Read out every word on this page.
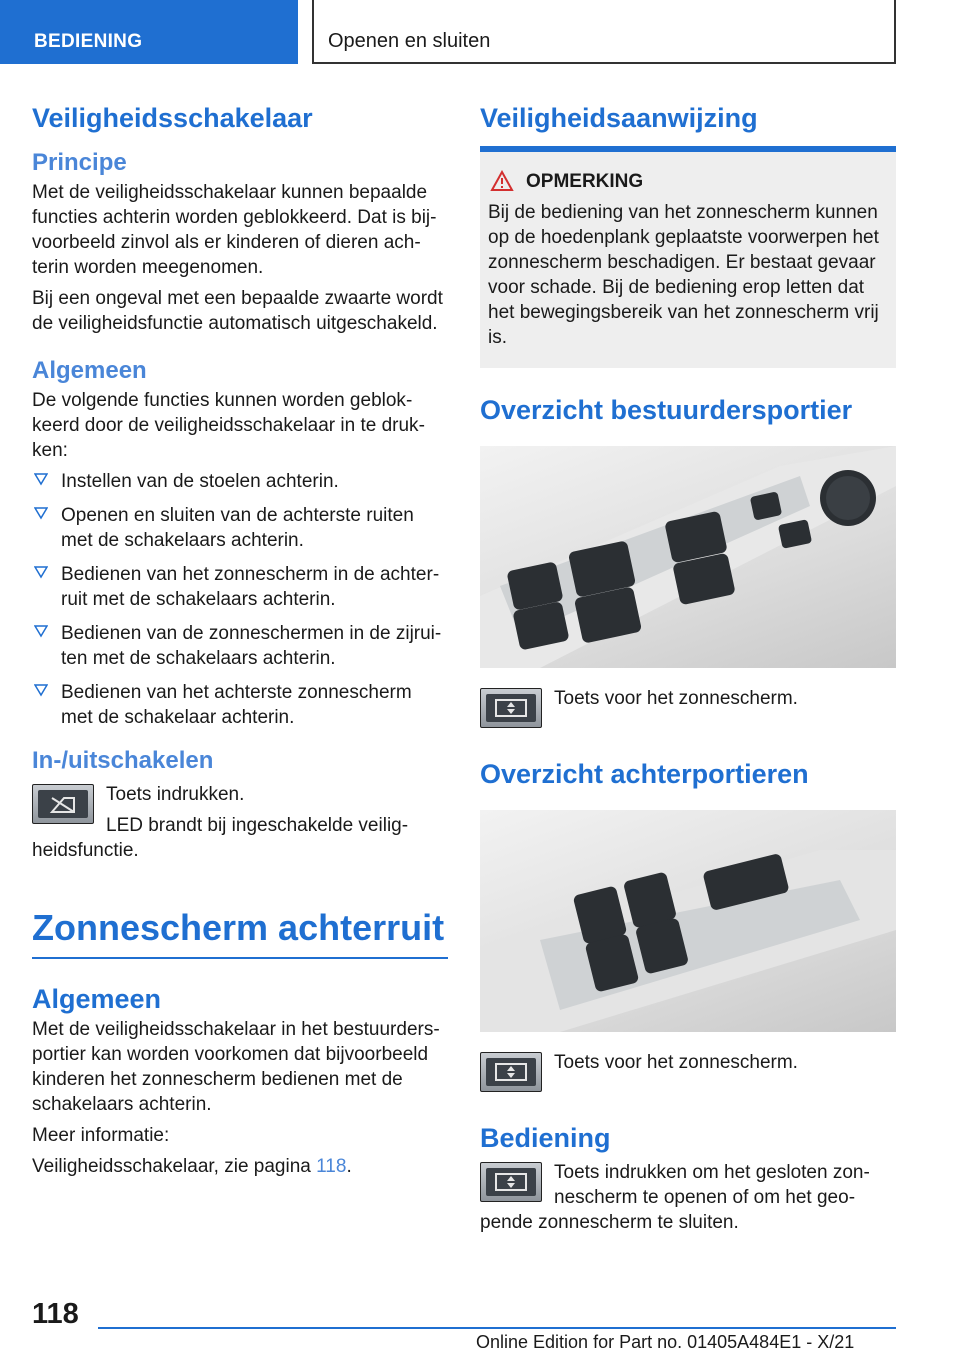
BEDIENING	Openen en sluiten
Veiligheidsschakelaar
Principe

Met de veiligheidsschakelaar kunnen bepaalde functies achterin worden geblokkeerd. Dat is bijvoorbeeld zinvol als er kinderen of dieren achterin worden meegenomen.

Bij een ongeval met een bepaalde zwaarte wordt de veiligheidsfunctie automatisch uitgeschakeld.

Algemeen

De volgende functies kunnen worden geblokkeerd door de veiligheidsschakelaar in te drukken:

Instellen van de stoelen achterin.
Openen en sluiten van de achterste ruiten met de schakelaars achterin.
Bedienen van het zonnescherm in de achterruit met de schakelaars achterin.
Bedienen van de zonneschermen in de zijruiten met de schakelaars achterin.
Bedienen van het achterste zonnescherm met de schakelaar achterin.
In-/uitschakelen

Toets indrukken.

LED brandt bij ingeschakelde veiligheidsfunctie.

Zonnescherm achterruit
Algemeen

Met de veiligheidsschakelaar in het bestuurdersportier kan worden voorkomen dat bijvoorbeeld kinderen het zonnescherm bedienen met de schakelaars achterin.

Meer informatie:

Veiligheidsschakelaar, zie pagina 118.

Veiligheidsaanwijzing
OPMERKING

Bij de bediening van het zonnescherm kunnen op de hoedenplank geplaatste voorwerpen het zonnescherm beschadigen. Er bestaat gevaar voor schade. Bij de bediening erop letten dat het bewegingsbereik van het zonnescherm vrij is.

Overzicht bestuurdersportier

Toets voor het zonnescherm.

Overzicht achterportieren

Toets voor het zonnescherm.

Bediening

Toets indrukken om het gesloten zonnescherm te openen of om het geopende zonnescherm te sluiten.

118
Online Edition for Part no. 01405A484E1 - X/21
